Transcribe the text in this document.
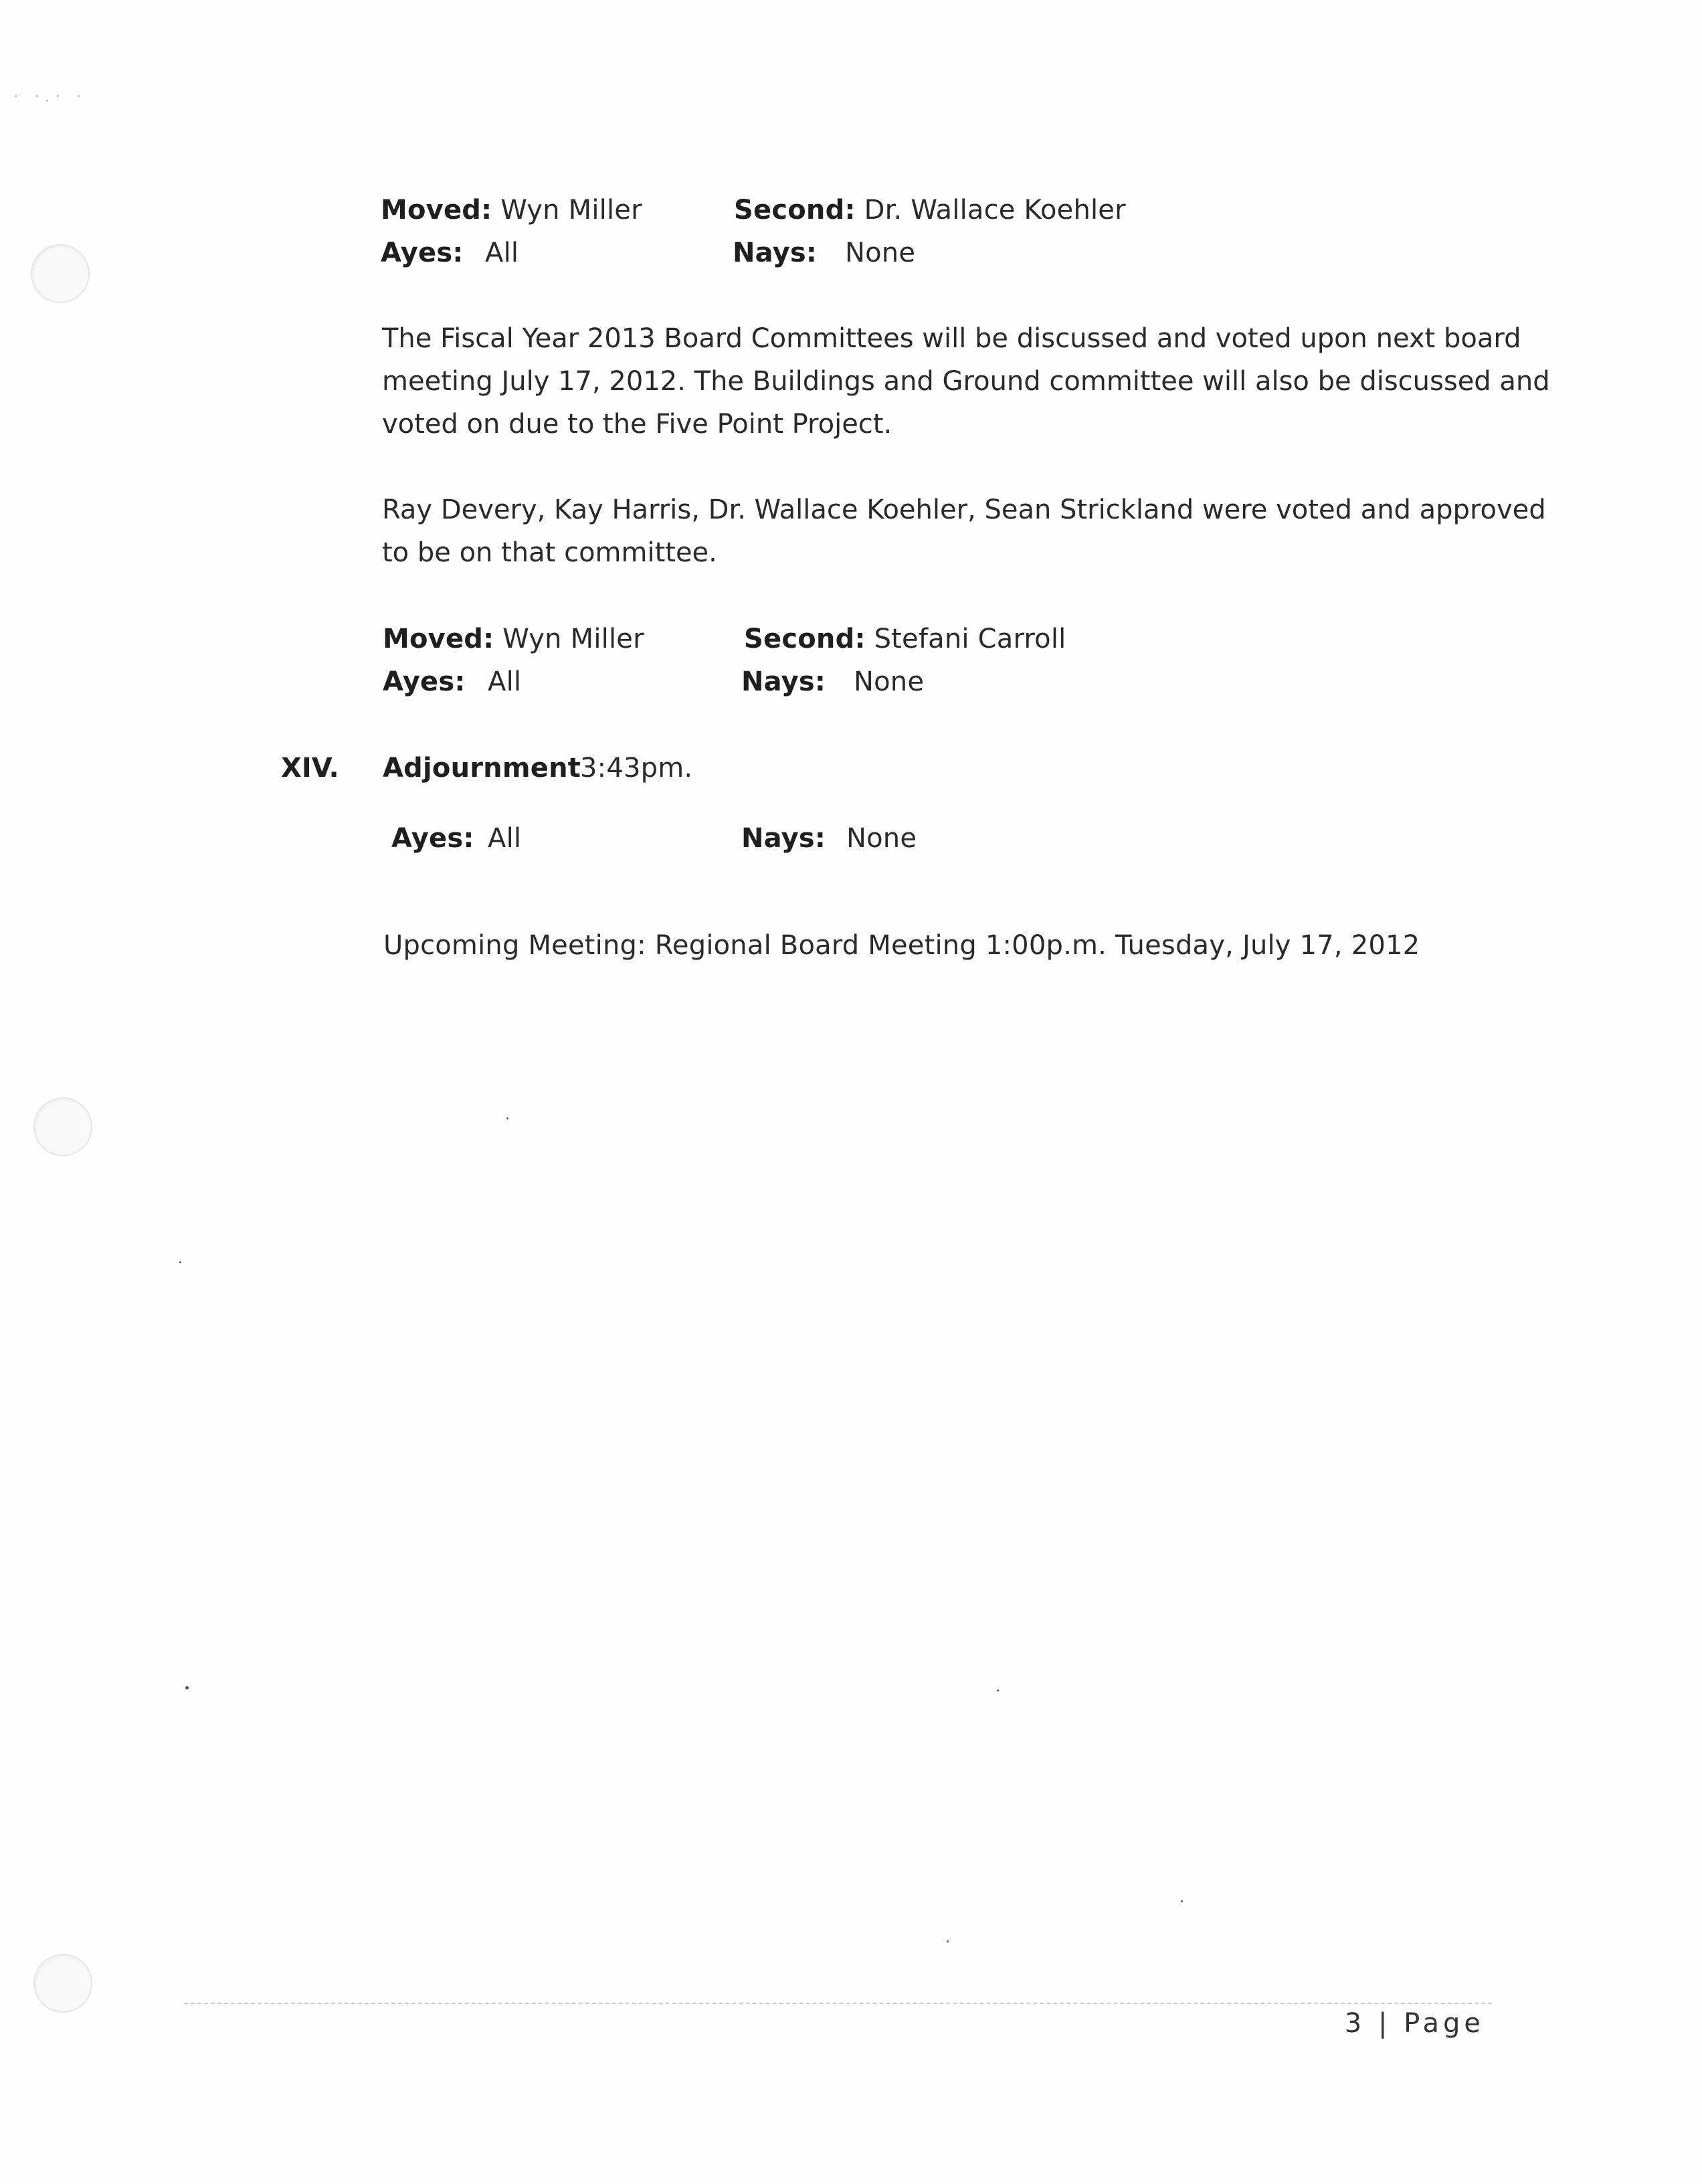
· ·.· ·
Moved: Wyn Miller	Second: Dr. Wallace Koehler
Ayes: All	Nays: None
The Fiscal Year 2013 Board Committees will be discussed and voted upon next board
meeting July 17, 2012. The Buildings and Ground committee will also be discussed and
voted on due to the Five Point Project.
Ray Devery, Kay Harris, Dr. Wallace Koehler, Sean Strickland were voted and approved
to be on that committee.
Moved: Wyn Miller	Second: Stefani Carroll
Ayes: All	Nays: None
XIV. Adjournment
3:43pm.
Ayes: All	Nays: None
Upcoming Meeting: Regional Board Meeting 1:00p.m. Tuesday, July 17, 2012
3 | Page
